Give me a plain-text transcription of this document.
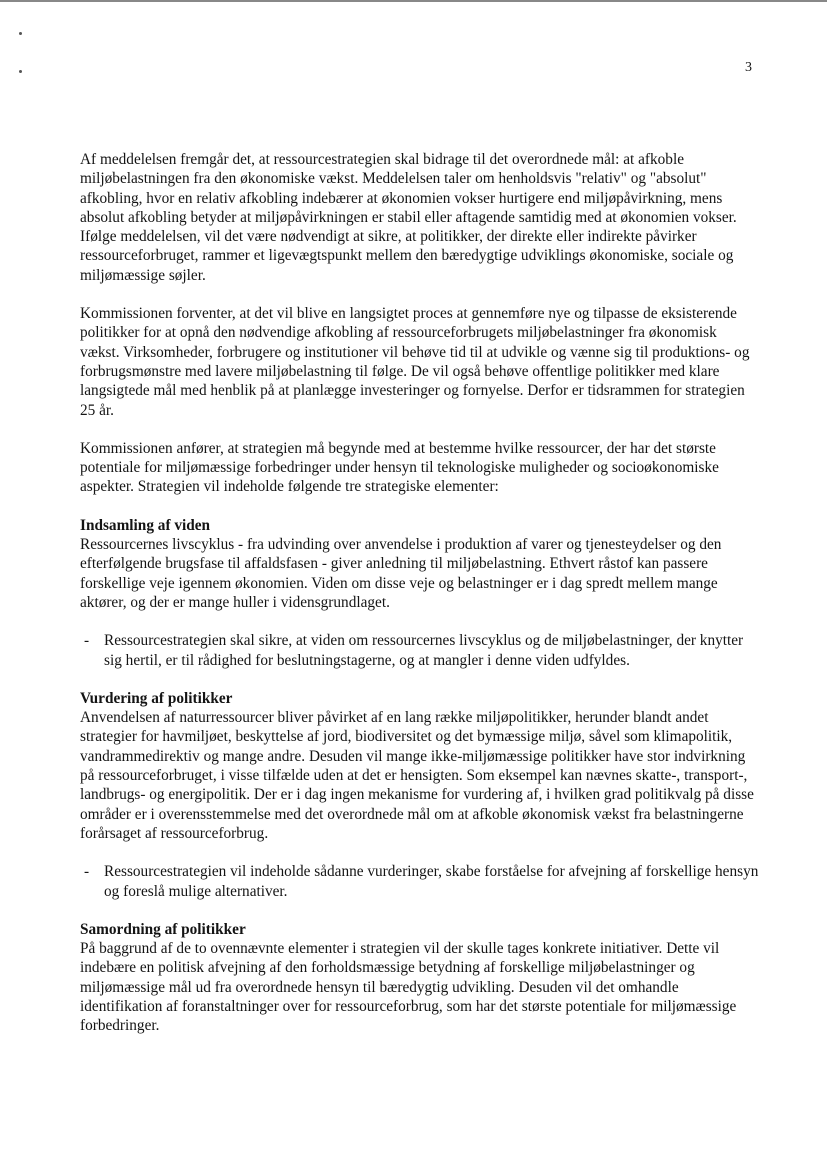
3

Af meddelelsen fremgår det, at ressourcestrategien skal bidrage til det overordnede mål: at afkoble miljøbelastningen fra den økonomiske vækst. Meddelelsen taler om henholdsvis "relativ" og "absolut" afkobling, hvor en relativ afkobling indebærer at økonomien vokser hurtigere end miljøpåvirkning, mens absolut afkobling betyder at miljøpåvirkningen er stabil eller aftagende samtidig med at økonomien vokser. Ifølge meddelelsen, vil det være nødvendigt at sikre, at politikker, der direkte eller indirekte påvirker ressourceforbruget, rammer et ligevægtspunkt mellem den bæredygtige udviklings økonomiske, sociale og miljømæssige søjler.

Kommissionen forventer, at det vil blive en langsigtet proces at gennemføre nye og tilpasse de eksisterende politikker for at opnå den nødvendige afkobling af ressourceforbrugets miljøbelastninger fra økonomisk vækst. Virksomheder, forbrugere og institutioner vil behøve tid til at udvikle og vænne sig til produktions- og forbrugsmønstre med lavere miljøbelastning til følge. De vil også behøve offentlige politikker med klare langsigtede mål med henblik på at planlægge investeringer og fornyelse. Derfor er tidsrammen for strategien 25 år.

Kommissionen anfører, at strategien må begynde med at bestemme hvilke ressourcer, der har det største potentiale for miljømæssige forbedringer under hensyn til teknologiske muligheder og socioøkonomiske aspekter. Strategien vil indeholde følgende tre strategiske elementer:

Indsamling af viden

Ressourcernes livscyklus - fra udvinding over anvendelse i produktion af varer og tjenesteydelser og den efterfølgende brugsfase til affaldsfasen - giver anledning til miljøbelastning. Ethvert råstof kan passere forskellige veje igennem økonomien. Viden om disse veje og belastninger er i dag spredt mellem mange aktører, og der er mange huller i vidensgrundlaget.

- Ressourcestrategien skal sikre, at viden om ressourcernes livscyklus og de miljøbelastninger, der knytter sig hertil, er til rådighed for beslutningstagerne, og at mangler i denne viden udfyldes.

Vurdering af politikker

Anvendelsen af naturressourcer bliver påvirket af en lang række miljøpolitikker, herunder blandt andet strategier for havmiljøet, beskyttelse af jord, biodiversitet og det bymæssige miljø, såvel som klimapolitik, vandrammedirektiv og mange andre. Desuden vil mange ikke-miljømæssige politikker have stor indvirkning på ressourceforbruget, i visse tilfælde uden at det er hensigten. Som eksempel kan nævnes skatte-, transport-, landbrugs- og energipolitik. Der er i dag ingen mekanisme for vurdering af, i hvilken grad politikvalg på disse områder er i overensstemmelse med det overordnede mål om at afkoble økonomisk vækst fra belastningerne forårsaget af ressourceforbrug.

- Ressourcestrategien vil indeholde sådanne vurderinger, skabe forståelse for afvejning af forskellige hensyn og foreslå mulige alternativer.

Samordning af politikker

På baggrund af de to ovennævnte elementer i strategien vil der skulle tages konkrete initiativer. Dette vil indebære en politisk afvejning af den forholdsmæssige betydning af forskellige miljøbelastninger og miljømæssige mål ud fra overordnede hensyn til bæredygtig udvikling. Desuden vil det omhandle identifikation af foranstaltninger over for ressourceforbrug, som har det største potentiale for miljømæssige forbedringer.
